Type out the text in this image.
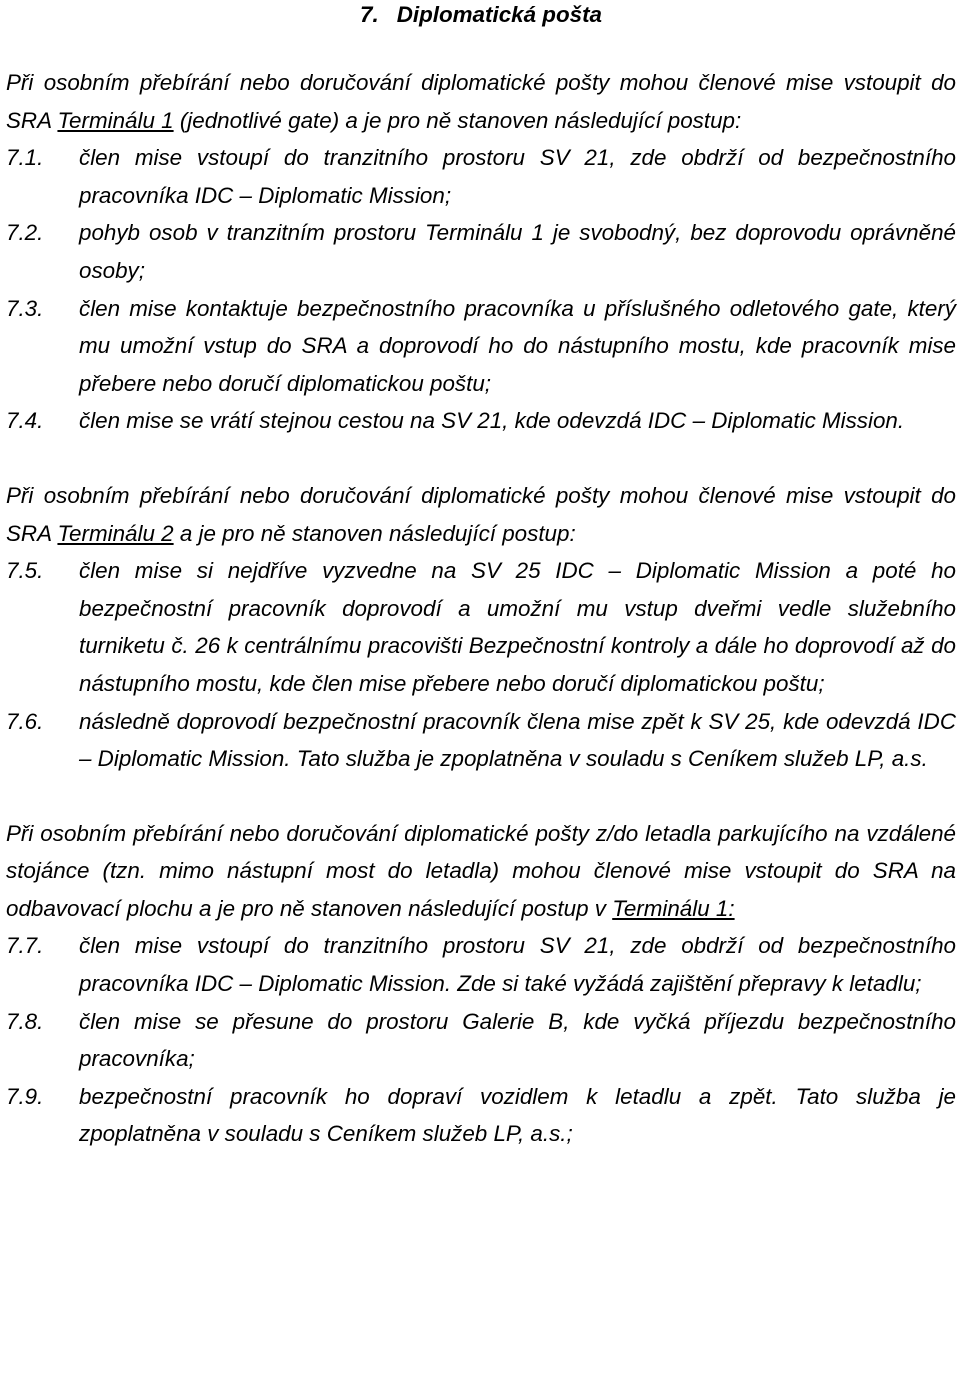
7. Diplomatická pošta

Při osobním přebírání nebo doručování diplomatické pošty mohou členové mise vstoupit do SRA Terminálu 1 (jednotlivé gate) a je pro ně stanoven následující postup:

7.1.	člen mise vstoupí do tranzitního prostoru SV 21, zde obdrží od bezpečnostního pracovníka IDC – Diplomatic Mission;
7.2.	pohyb osob v tranzitním prostoru Terminálu 1 je svobodný, bez doprovodu oprávněné osoby;
7.3.	člen mise kontaktuje bezpečnostního pracovníka u příslušného odletového gate, který mu umožní vstup do SRA a doprovodí ho do nástupního mostu, kde pracovník mise přebere nebo doručí diplomatickou poštu;
7.4.	člen mise se vrátí stejnou cestou na SV 21, kde odevzdá IDC – Diplomatic Mission.

Při osobním přebírání nebo doručování diplomatické pošty mohou členové mise vstoupit do SRA Terminálu 2 a je pro ně stanoven následující postup:

7.5.	člen mise si nejdříve vyzvedne na SV 25 IDC – Diplomatic Mission a poté ho bezpečnostní pracovník doprovodí a umožní mu vstup dveřmi vedle služebního turniketu č. 26 k centrálnímu pracovišti Bezpečnostní kontroly a dále ho doprovodí až do nástupního mostu, kde člen mise přebere nebo doručí diplomatickou poštu;
7.6.	následně doprovodí bezpečnostní pracovník člena mise zpět k SV 25, kde odevzdá IDC – Diplomatic Mission. Tato služba je zpoplatněna v souladu s Ceníkem služeb LP, a.s.

Při osobním přebírání nebo doručování diplomatické pošty z/do letadla parkujícího na vzdálené stojánce (tzn. mimo nástupní most do letadla) mohou členové mise vstoupit do SRA na odbavovací plochu a je pro ně stanoven následující postup v Terminálu 1:

7.7.	člen mise vstoupí do tranzitního prostoru SV 21, zde obdrží od bezpečnostního pracovníka IDC – Diplomatic Mission. Zde si také vyžádá zajištění přepravy k letadlu;
7.8.	člen mise se přesune do prostoru Galerie B, kde vyčká příjezdu bezpečnostního pracovníka;
7.9.	bezpečnostní pracovník ho dopraví vozidlem k letadlu a zpět. Tato služba je zpoplatněna v souladu s Ceníkem služeb LP, a.s.;
